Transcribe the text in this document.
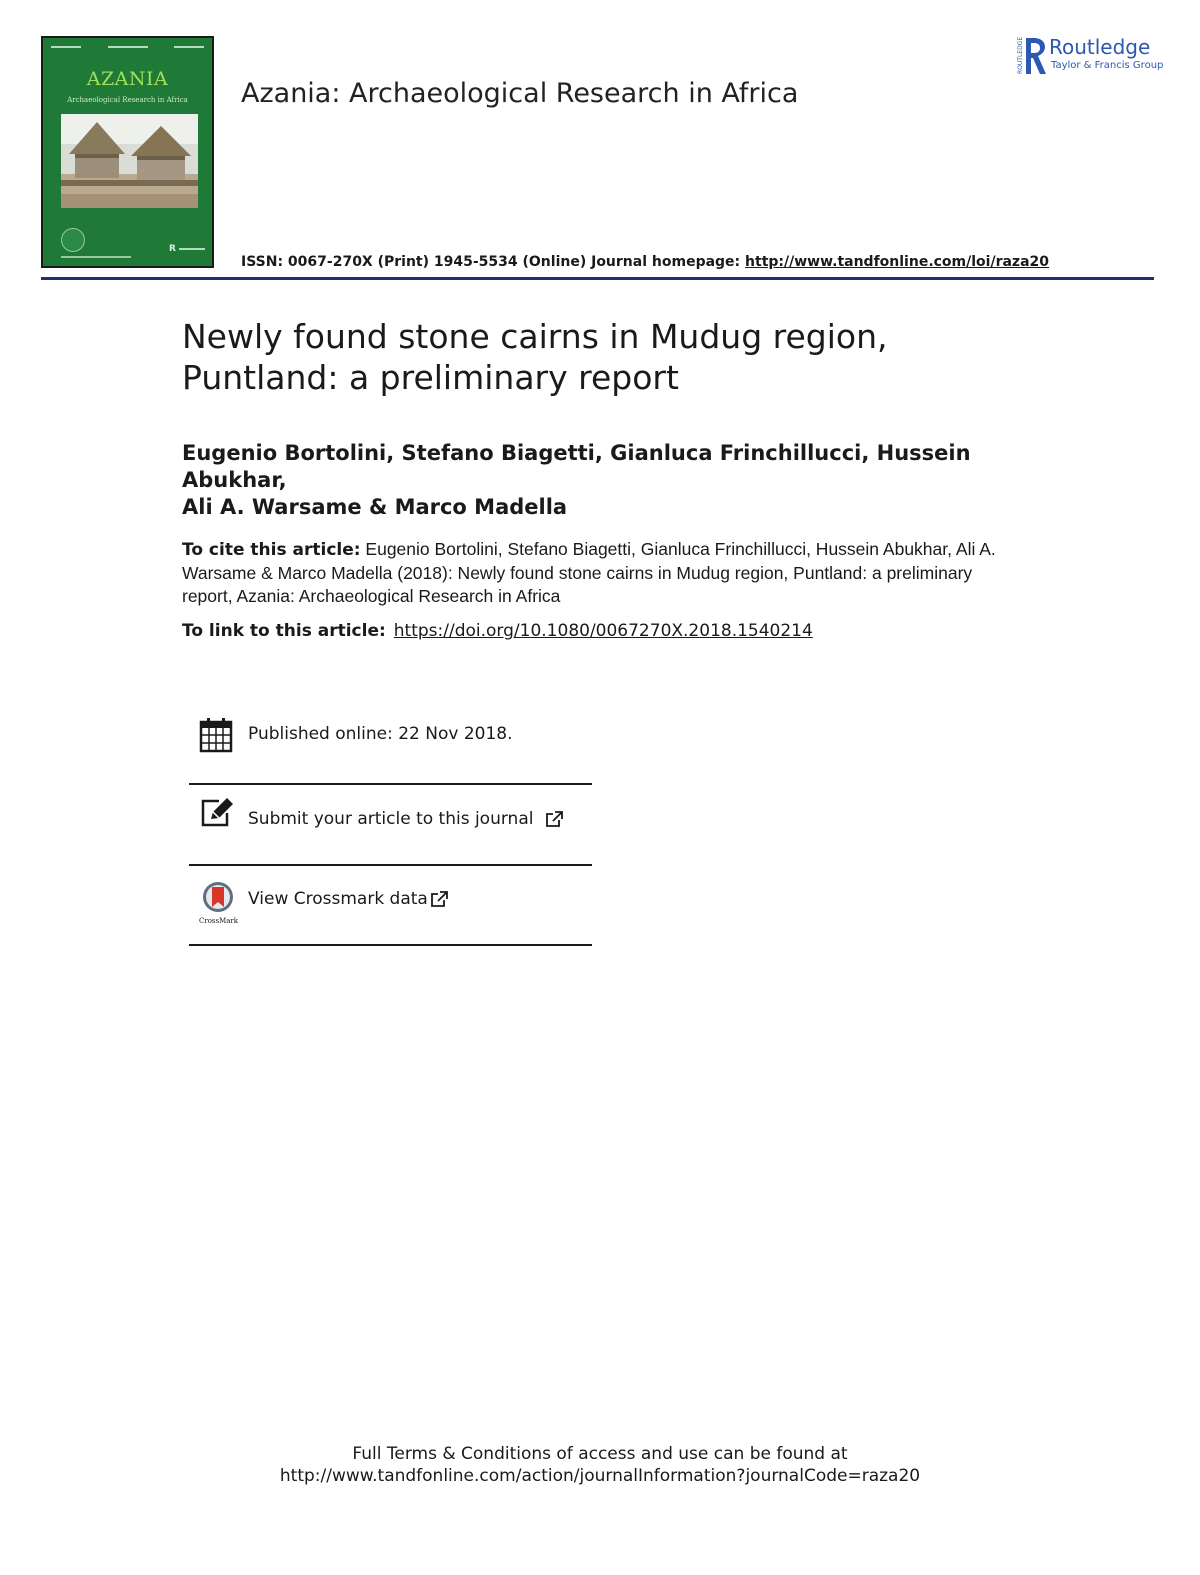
AZANIA
Archaeological Research in Africa
R
Azania: Archaeological Research in Africa
ROUTLEDGE Routledge
Taylor & Francis Group
ISSN: 0067-270X (Print) 1945-5534 (Online) Journal homepage: http://www.tandfonline.com/loi/raza20
Newly found stone cairns in Mudug region,
Puntland: a preliminary report
Eugenio Bortolini, Stefano Biagetti, Gianluca Frinchillucci, Hussein Abukhar,
Ali A. Warsame & Marco Madella
To cite this article: Eugenio Bortolini, Stefano Biagetti, Gianluca Frinchillucci, Hussein Abukhar, Ali A. Warsame & Marco Madella (2018): Newly found stone cairns in Mudug region, Puntland: a preliminary report, Azania: Archaeological Research in Africa
To link to this article: https://doi.org/10.1080/0067270X.2018.1540214
Published online: 22 Nov 2018.
Submit your article to this journal
CrossMark
View Crossmark data
Full Terms & Conditions of access and use can be found at
http://www.tandfonline.com/action/journalInformation?journalCode=raza20
